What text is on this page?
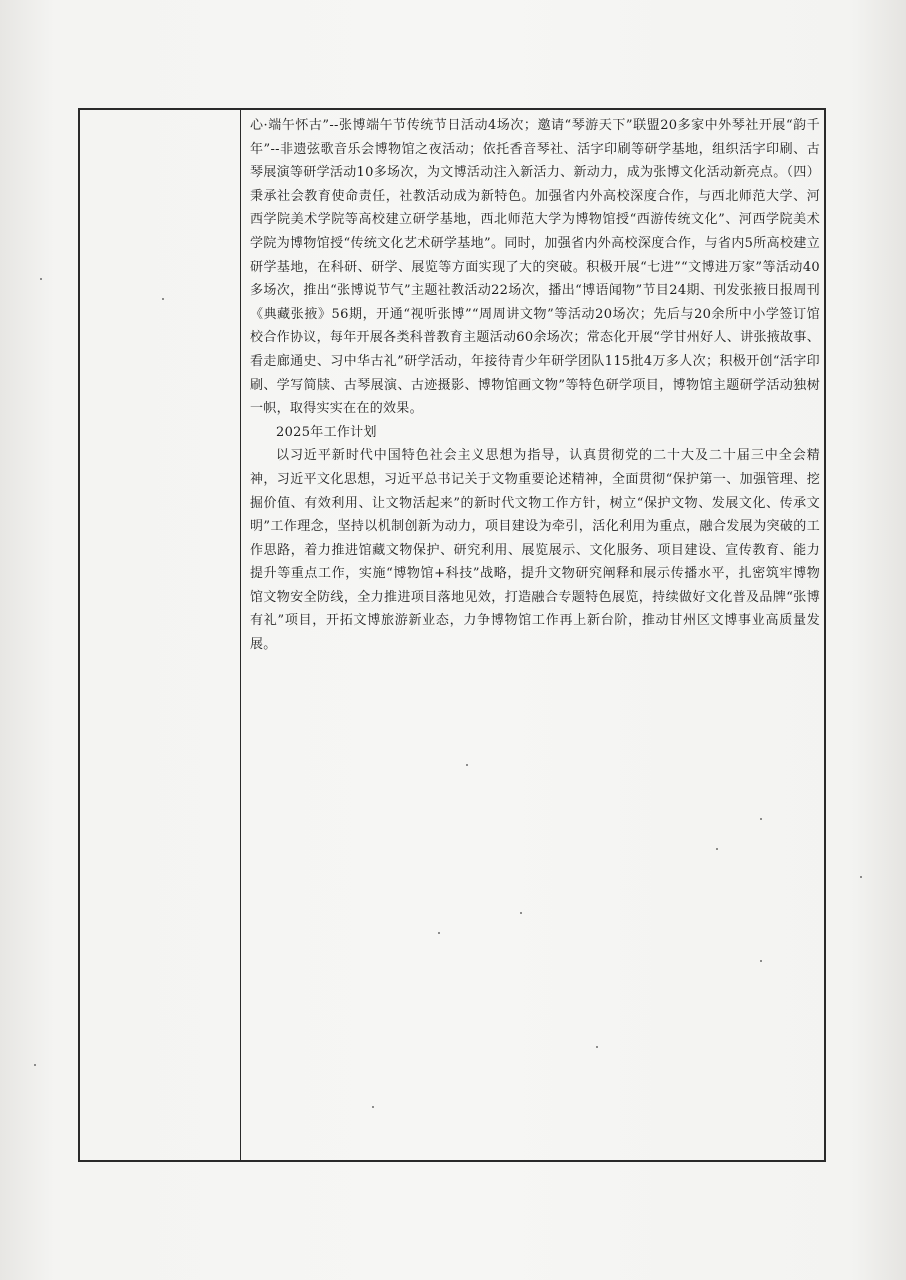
心·端午怀古”--张博端午节传统节日活动4场次；邀请“琴游天下”联盟20多家中外琴社开展“韵千年”--非遗弦歌音乐会博物馆之夜活动；依托香音琴社、活字印刷等研学基地，组织活字印刷、古琴展演等研学活动10多场次，为文博活动注入新活力、新动力，成为张博文化活动新亮点。（四）秉承社会教育使命责任，社教活动成为新特色。加强省内外高校深度合作，与西北师范大学、河西学院美术学院等高校建立研学基地，西北师范大学为博物馆授“西游传统文化”、河西学院美术学院为博物馆授“传统文化艺术研学基地”。同时，加强省内外高校深度合作，与省内5所高校建立研学基地，在科研、研学、展览等方面实现了大的突破。积极开展“七进”“文博进万家”等活动40多场次，推出“张博说节气”主题社教活动22场次，播出“博语闻物”节目24期、刊发张掖日报周刊《典藏张掖》56期，开通“视听张博”“周周讲文物”等活动20场次；先后与20余所中小学签订馆校合作协议，每年开展各类科普教育主题活动60余场次；常态化开展“学甘州好人、讲张掖故事、看走廊通史、习中华古礼”研学活动，年接待青少年研学团队115批4万多人次；积极开创“活字印刷、学写简牍、古琴展演、古迹摄影、博物馆画文物”等特色研学项目，博物馆主题研学活动独树一帜，取得实实在在的效果。

2025年工作计划

以习近平新时代中国特色社会主义思想为指导，认真贯彻党的二十大及二十届三中全会精神，习近平文化思想，习近平总书记关于文物重要论述精神，全面贯彻“保护第一、加强管理、挖掘价值、有效利用、让文物活起来”的新时代文物工作方针，树立“保护文物、发展文化、传承文明”工作理念，坚持以机制创新为动力，项目建设为牵引，活化利用为重点，融合发展为突破的工作思路，着力推进馆藏文物保护、研究利用、展览展示、文化服务、项目建设、宣传教育、能力提升等重点工作，实施“博物馆+科技”战略，提升文物研究阐释和展示传播水平，扎密筑牢博物馆文物安全防线，全力推进项目落地见效，打造融合专题特色展览，持续做好文化普及品牌“张博有礼”项目，开拓文博旅游新业态，力争博物馆工作再上新台阶，推动甘州区文博事业高质量发展。
